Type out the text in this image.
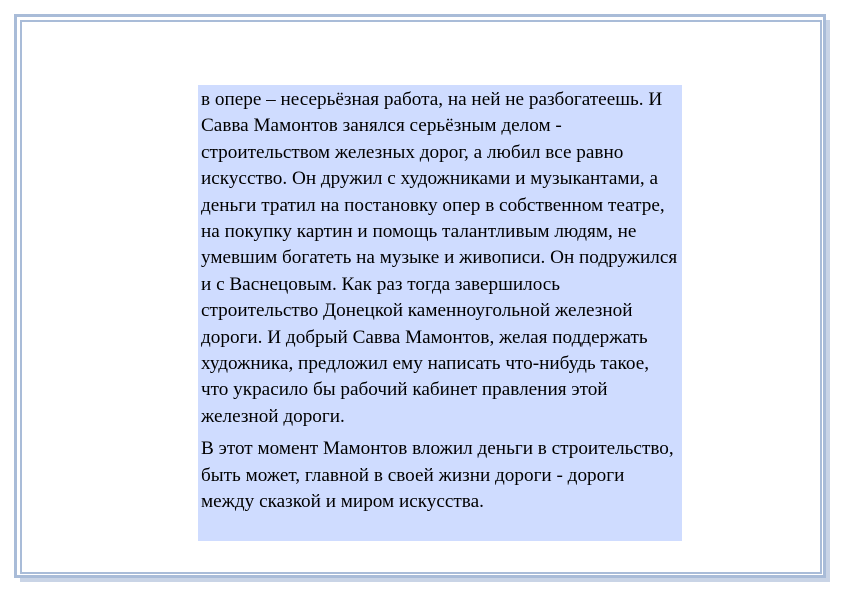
в опере – несерьёзная работа, на ней не разбогатеешь. И Савва Мамонтов занялся серьёзным делом - строительством железных дорог, а любил все равно искусство. Он дружил с художниками и музыкантами, а деньги тратил на постановку опер в собственном театре, на покупку картин и помощь талантливым людям, не умевшим богатеть на музыке и живописи. Он подружился и с Васнецовым. Как раз тогда завершилось строительство Донецкой каменноугольной железной дороги. И добрый Савва Мамонтов, желая поддержать художника, предложил ему написать что-нибудь такое, что украсило бы рабочий кабинет правления этой железной дороги.

В этот момент Мамонтов вложил деньги в строительство, быть может, главной в своей жизни дороги - дороги между сказкой и миром искусства.
